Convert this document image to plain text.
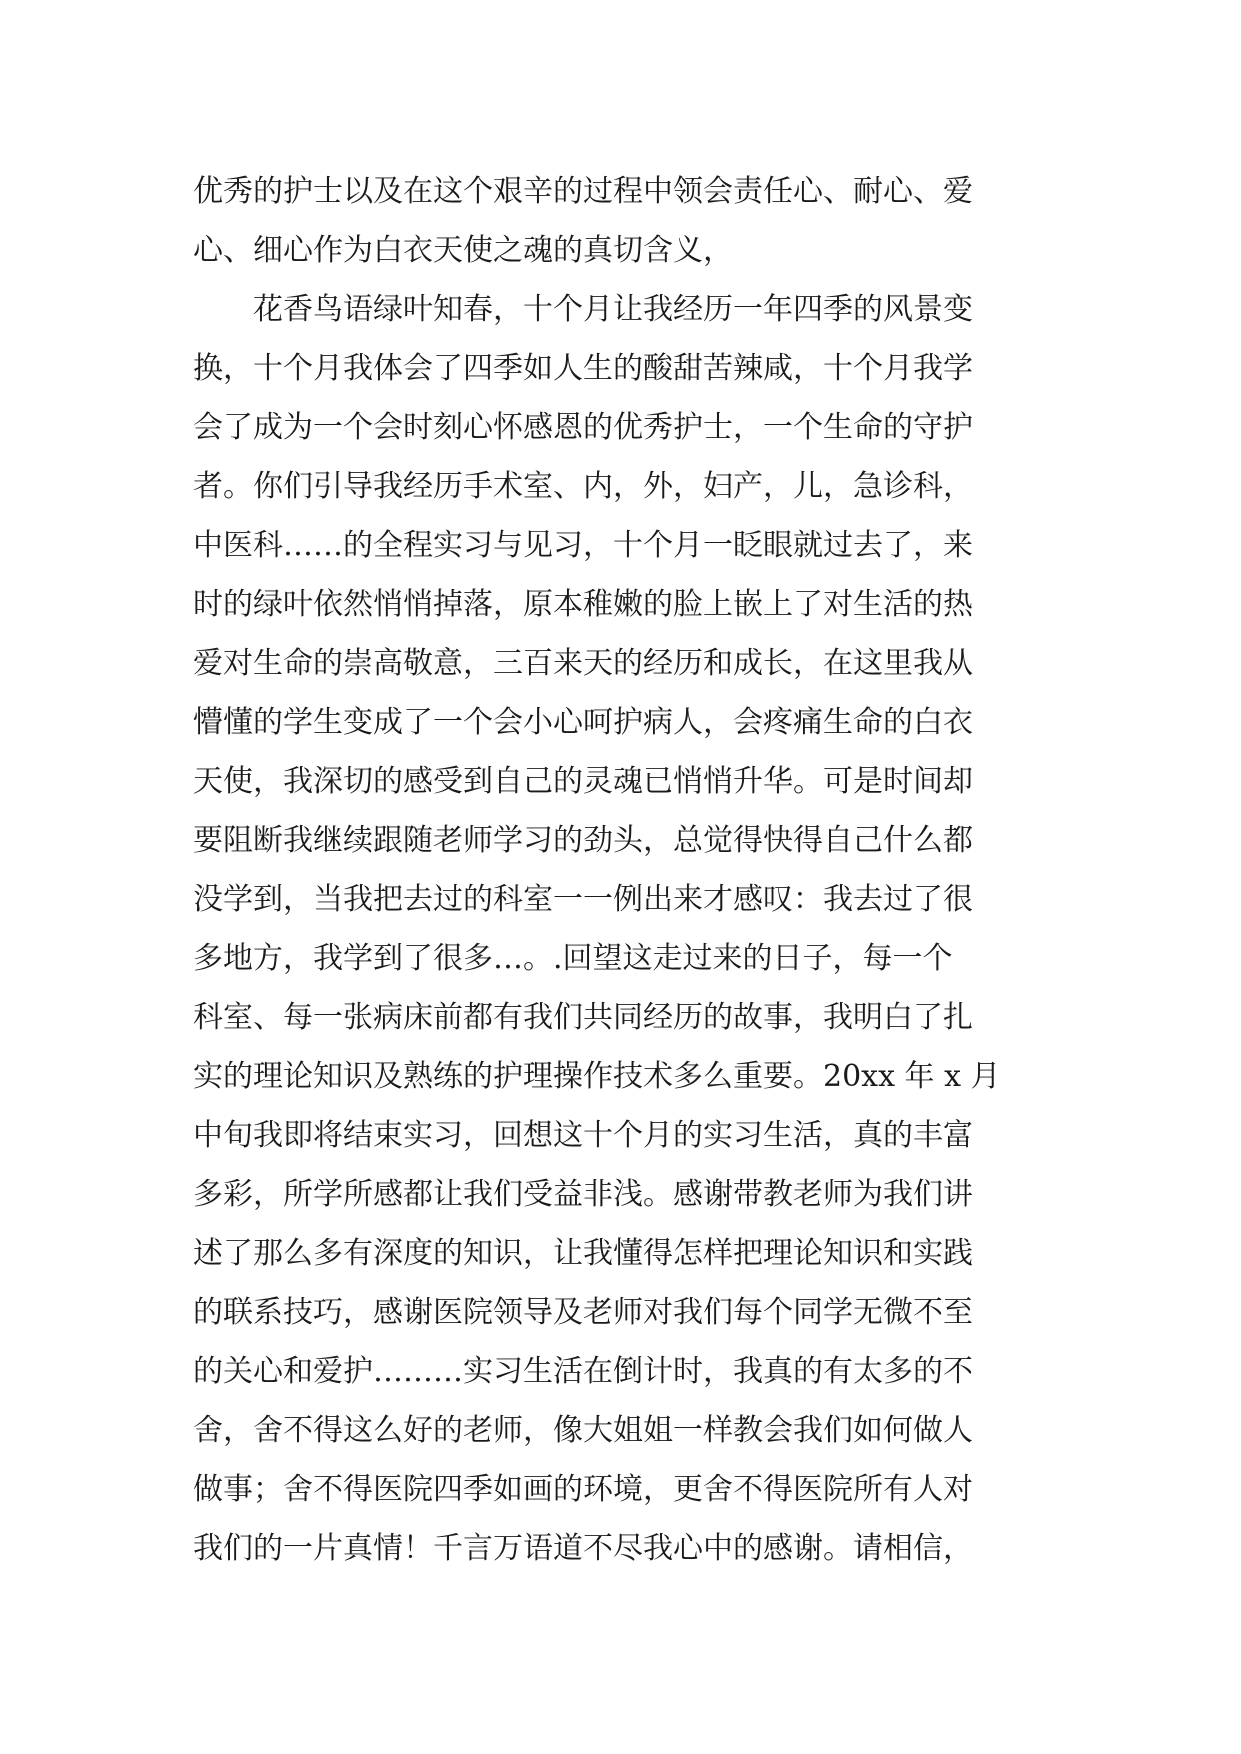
优秀的护士以及在这个艰辛的过程中领会责任心、耐心、爱
心、细心作为白衣天使之魂的真切含义，
花香鸟语绿叶知春，十个月让我经历一年四季的风景变
换，十个月我体会了四季如人生的酸甜苦辣咸，十个月我学
会了成为一个会时刻心怀感恩的优秀护士，一个生命的守护
者。你们引导我经历手术室、内，外，妇产，儿，急诊科，
中医科……的全程实习与见习，十个月一眨眼就过去了，来
时的绿叶依然悄悄掉落，原本稚嫩的脸上嵌上了对生活的热
爱对生命的崇高敬意，三百来天的经历和成长，在这里我从
懵懂的学生变成了一个会小心呵护病人，会疼痛生命的白衣
天使，我深切的感受到自己的灵魂已悄悄升华。可是时间却
要阻断我继续跟随老师学习的劲头，总觉得快得自己什么都
没学到，当我把去过的科室一一例出来才感叹：我去过了很
多地方，我学到了很多…。.回望这走过来的日子，每一个
科室、每一张病床前都有我们共同经历的故事，我明白了扎
实的理论知识及熟练的护理操作技术多么重要。20xx 年 x 月
中旬我即将结束实习，回想这十个月的实习生活，真的丰富
多彩，所学所感都让我们受益非浅。感谢带教老师为我们讲
述了那么多有深度的知识，让我懂得怎样把理论知识和实践
的联系技巧，感谢医院领导及老师对我们每个同学无微不至
的关心和爱护………实习生活在倒计时，我真的有太多的不
舍，舍不得这么好的老师，像大姐姐一样教会我们如何做人
做事；舍不得医院四季如画的环境，更舍不得医院所有人对
我们的一片真情！千言万语道不尽我心中的感谢。请相信，
